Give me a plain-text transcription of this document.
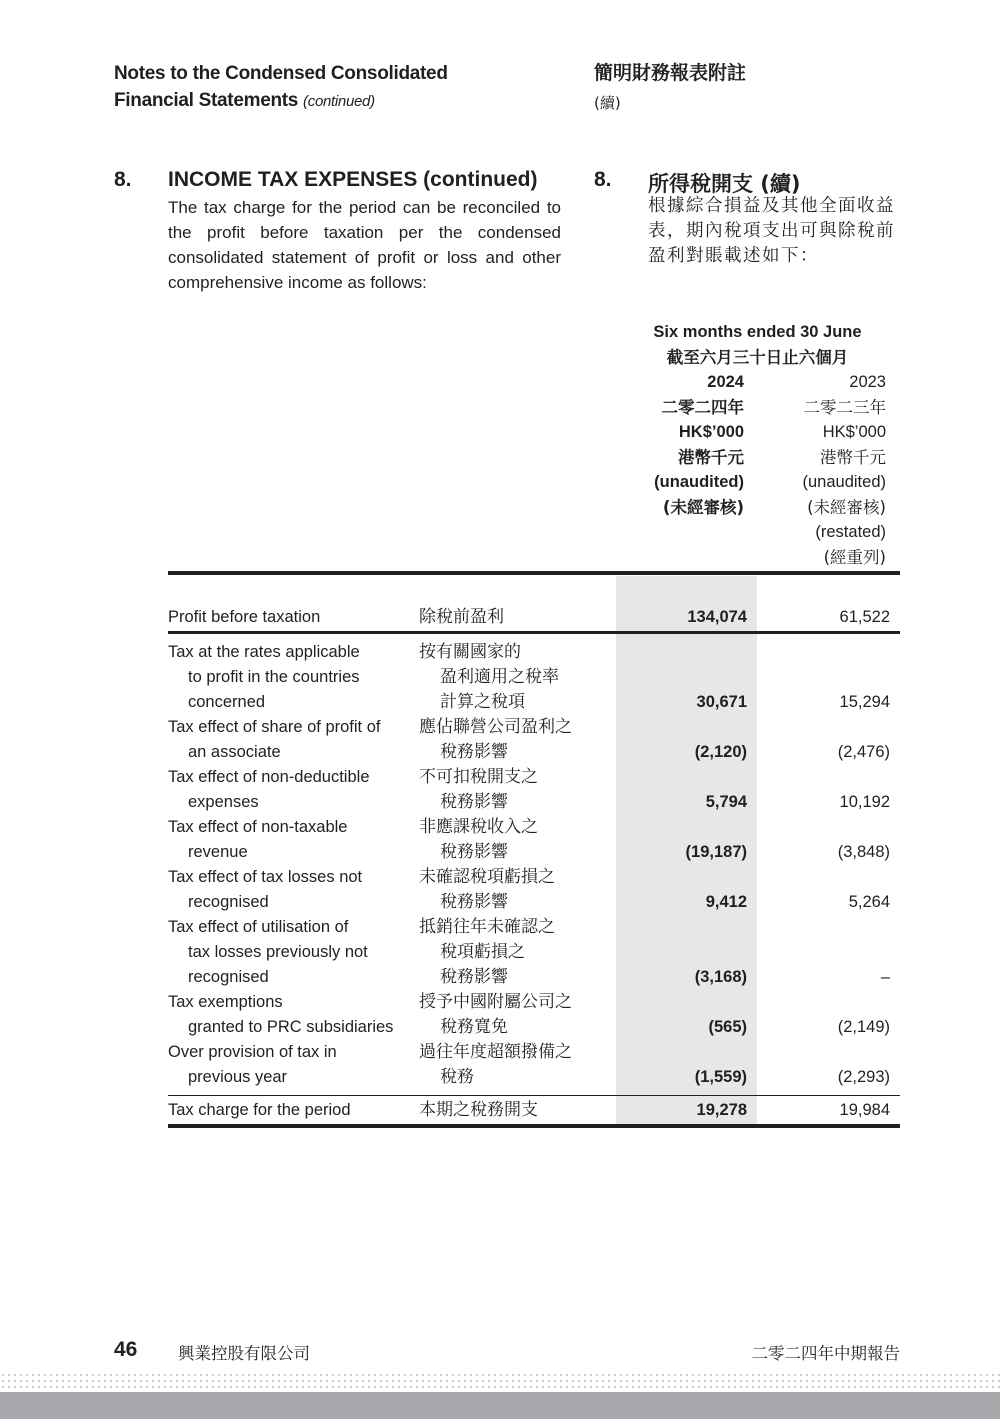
Notes to the Condensed Consolidated
Financial Statements (continued)
簡明財務報表附註
(續)
8. INCOME TAX EXPENSES (continued)	8. 所得稅開支 (續)
The tax charge for the period can be reconciled to the profit before taxation per the condensed consolidated statement of profit or loss and other comprehensive income as follows:
根據綜合損益及其他全面收益表，期內稅項支出可與除稅前盈利對賬載述如下：
Six months ended 30 June
截至六月三十日止六個月
2024
二零二四年
HK$’000
港幣千元
(unaudited)
(未經審核)
2023
二零二三年
HK$’000
港幣千元
(unaudited)
(未經審核)
(restated)
(經重列)
Profit before taxation	除稅前盈利	134,074	61,522
Tax at the rates applicable
to profit in the countries
concerned
按有關國家的
盈利適用之稅率
計算之稅項	30,671	15,294
Tax effect of share of profit of
an associate
應佔聯營公司盈利之
稅務影響	(2,120)	(2,476)
Tax effect of non-deductible
expenses
不可扣稅開支之
稅務影響	5,794	10,192
Tax effect of non-taxable
revenue
非應課稅收入之
稅務影響	(19,187)	(3,848)
Tax effect of tax losses not
recognised
未確認稅項虧損之
稅務影響	9,412	5,264
Tax effect of utilisation of
tax losses previously not
recognised
抵銷往年未確認之
稅項虧損之
稅務影響	(3,168)	–
Tax exemptions
granted to PRC subsidiaries
授予中國附屬公司之
稅務寬免	(565)	(2,149)
Over provision of tax in
previous year
過往年度超額撥備之
稅務	(1,559)	(2,293)
Tax charge for the period	本期之稅務開支	19,278	19,984
46 興業控股有限公司	二零二四年中期報告
